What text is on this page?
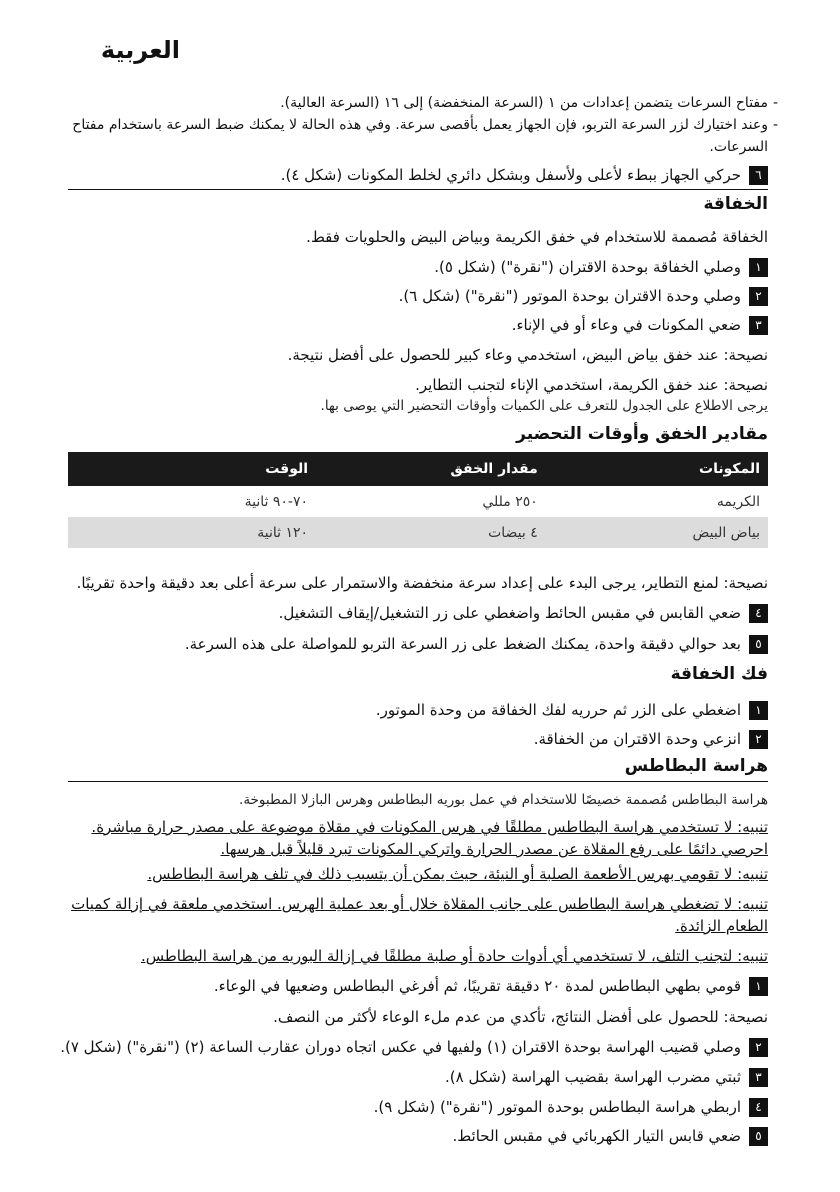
العربية
-
مفتاح السرعات يتضمن إعدادات من ١ (السرعة المنخفضة) إلى ١٦ (السرعة العالية).
-
وعند اختيارك لزر السرعة التربو، فإن الجهاز يعمل بأقصى سرعة. وفي هذه الحالة لا يمكنك ضبط السرعة باستخدام مفتاح السرعات.
٦حركي الجهاز ببطء لأعلى ولأسفل وبشكل دائري لخلط المكونات (شكل ٤).
الخفاقة
الخفاقة مُصممة للاستخدام في خفق الكريمة وبياض البيض والحلويات فقط.
١وصلي الخفاقة بوحدة الاقتران ("نقرة") (شكل ٥).
٢وصلي وحدة الاقتران بوحدة الموتور ("نقرة") (شكل ٦).
٣ضعي المكونات في وعاء أو في الإناء.
نصيحة: عند خفق بياض البيض، استخدمي وعاء كبير للحصول على أفضل نتيجة.
نصيحة: عند خفق الكريمة، استخدمي الإناء لتجنب التطاير.
يرجى الاطلاع على الجدول للتعرف على الكميات وأوقات التحضير التي يوصى بها.
مقادير الخفق وأوقات التحضير
المكونات	مقدار الخفق	الوقت
الكريمه	٢٥٠ مللي	٧٠-٩٠ ثانية
بياض البيض	٤ بيضات	١٢٠ ثانية
نصيحة: لمنع التطاير، يرجى البدء على إعداد سرعة منخفضة والاستمرار على سرعة أعلى بعد دقيقة واحدة تقريبًا.
٤ضعي القابس في مقبس الحائط واضغطي على زر التشغيل/إيقاف التشغيل.
٥بعد حوالي دقيقة واحدة، يمكنك الضغط على زر السرعة التربو للمواصلة على هذه السرعة.
فك الخفاقة
١اضغطي على الزر ثم حرريه لفك الخفاقة من وحدة الموتور.
٢انزعي وحدة الاقتران من الخفاقة.
هراسة البطاطس
هراسة البطاطس مُصممة خصيصًا للاستخدام في عمل بوريه البطاطس وهرس البازلا المطبوخة.
تنبيه: لا تستخدمي هراسة البطاطس مطلقًا في هرس المكونات في مقلاة موضوعة على مصدر حرارة مباشرة. احرصي دائمًا على رفع المقلاة عن مصدر الحرارة واتركي المكونات تبرد قليلاً قبل هرسها.
تنبيه: لا تقومي بهرس الأطعمة الصلبة أو النيئة، حيث يمكن أن يتسبب ذلك في تلف هراسة البطاطس.
تنبيه: لا تضغطي هراسة البطاطس على جانب المقلاة خلال أو بعد عملية الهرس. استخدمي ملعقة في إزالة كميات الطعام الزائدة.
تنبيه: لتجنب التلف، لا تستخدمي أي أدوات حادة أو صلبة مطلقًا في إزالة البوريه من هراسة البطاطس.
١قومي بطهي البطاطس لمدة ٢٠ دقيقة تقريبًا، ثم أفرغي البطاطس وضعيها في الوعاء.
نصيحة: للحصول على أفضل النتائج، تأكدي من عدم ملء الوعاء لأكثر من النصف.
٢وصلي قضيب الهراسة بوحدة الاقتران (١) ولفيها في عكس اتجاه دوران عقارب الساعة (٢) ("نقرة") (شكل ٧).
٣ثبتي مضرب الهراسة بقضيب الهراسة (شكل ٨).
٤اربطي هراسة البطاطس بوحدة الموتور ("نقرة") (شكل ٩).
٥ضعي قابس التيار الكهربائي في مقبس الحائط.
